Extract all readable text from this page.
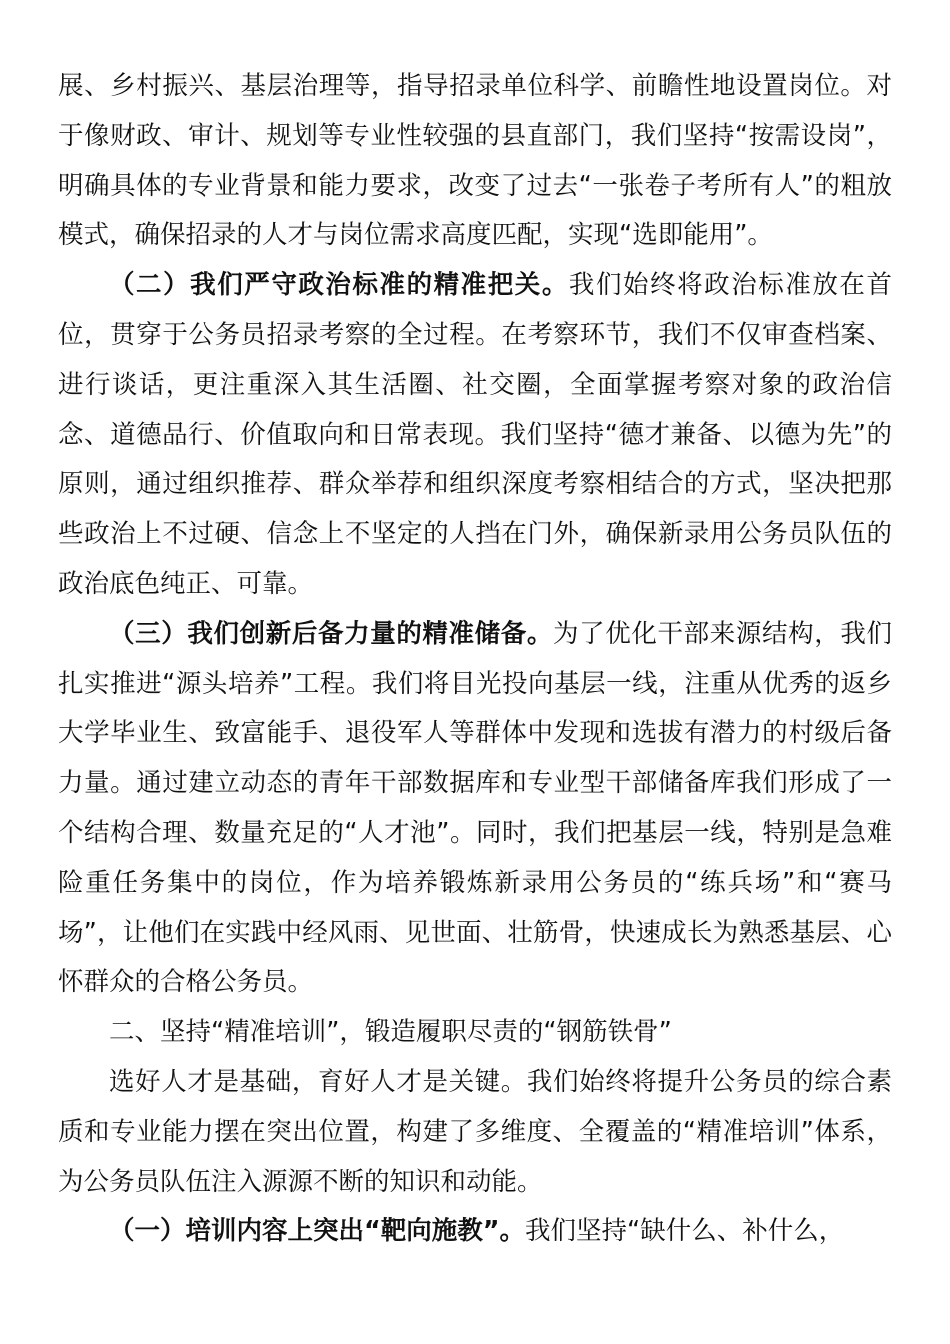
展、乡村振兴、基层治理等，指导招录单位科学、前瞻性地设置岗位。对于像财政、审计、规划等专业性较强的县直部门，我们坚持“按需设岗”，明确具体的专业背景和能力要求，改变了过去“一张卷子考所有人”的粗放模式，确保招录的人才与岗位需求高度匹配，实现“选即能用”。

（二）我们严守政治标准的精准把关。我们始终将政治标准放在首位，贯穿于公务员招录考察的全过程。在考察环节，我们不仅审查档案、进行谈话，更注重深入其生活圈、社交圈，全面掌握考察对象的政治信念、道德品行、价值取向和日常表现。我们坚持“德才兼备、以德为先”的原则，通过组织推荐、群众举荐和组织深度考察相结合的方式，坚决把那些政治上不过硬、信念上不坚定的人挡在门外，确保新录用公务员队伍的政治底色纯正、可靠。

（三）我们创新后备力量的精准储备。为了优化干部来源结构，我们扎实推进“源头培养”工程。我们将目光投向基层一线，注重从优秀的返乡大学毕业生、致富能手、退役军人等群体中发现和选拔有潜力的村级后备力量。通过建立动态的青年干部数据库和专业型干部储备库我们形成了一个结构合理、数量充足的“人才池”。同时，我们把基层一线，特别是急难险重任务集中的岗位，作为培养锻炼新录用公务员的“练兵场”和“赛马场”，让他们在实践中经风雨、见世面、壮筋骨，快速成长为熟悉基层、心怀群众的合格公务员。

二、坚持“精准培训”，锻造履职尽责的“钢筋铁骨”

选好人才是基础，育好人才是关键。我们始终将提升公务员的综合素质和专业能力摆在突出位置，构建了多维度、全覆盖的“精准培训”体系，为公务员队伍注入源源不断的知识和动能。

（一）培训内容上突出“靶向施教”。我们坚持“缺什么、补什么，
